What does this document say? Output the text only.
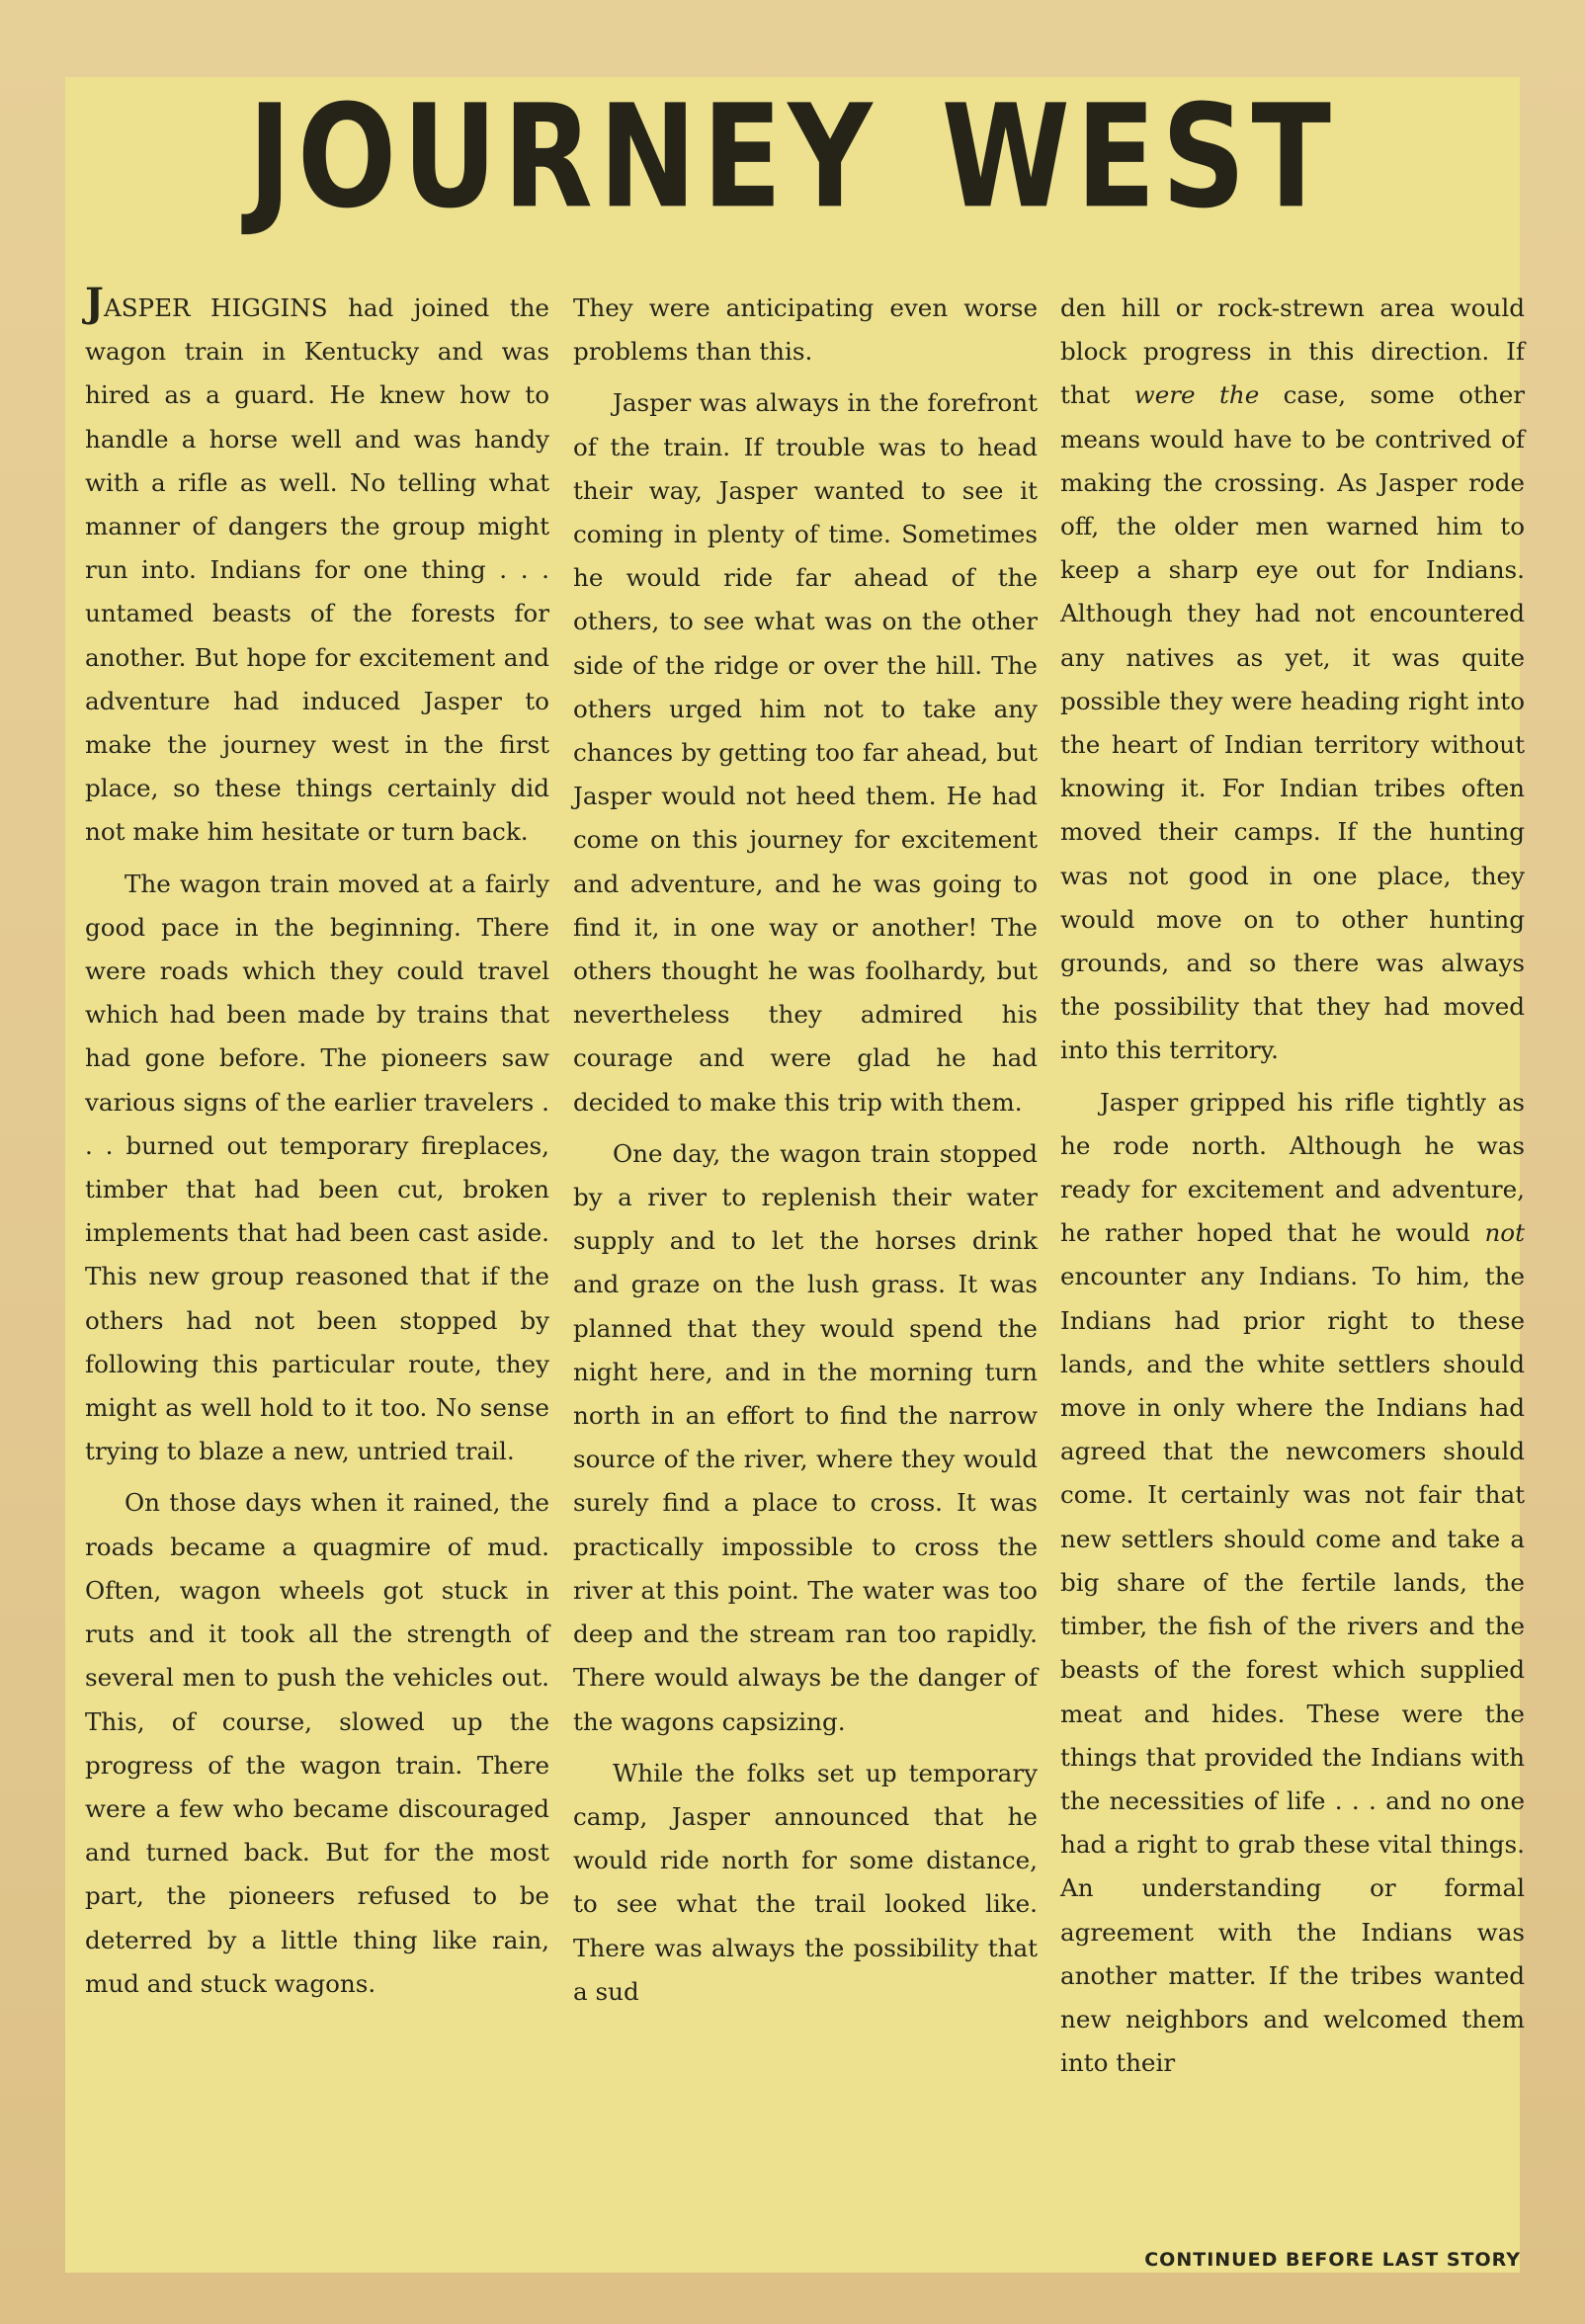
JOURNEY WEST

JASPER HIGGINS had joined the wagon train in Kentucky and was hired as a guard. He knew how to handle a horse well and was handy with a rifle as well. No telling what manner of dangers the group might run into. Indians for one thing . . . untamed beasts of the forests for another. But hope for excitement and adventure had induced Jasper to make the journey west in the first place, so these things certainly did not make him hesitate or turn back.

The wagon train moved at a fairly good pace in the beginning. There were roads which they could travel which had been made by trains that had gone before. The pioneers saw various signs of the earlier travelers . . . burned out temporary fireplaces, timber that had been cut, broken implements that had been cast aside. This new group reasoned that if the others had not been stopped by following this particular route, they might as well hold to it too. No sense trying to blaze a new, untried trail.

On those days when it rained, the roads became a quagmire of mud. Often, wagon wheels got stuck in ruts and it took all the strength of several men to push the vehicles out. This, of course, slowed up the progress of the wagon train. There were a few who became discouraged and turned back. But for the most part, the pioneers refused to be deterred by a little thing like rain, mud and stuck wagons.

They were anticipating even worse problems than this.

Jasper was always in the forefront of the train. If trouble was to head their way, Jasper wanted to see it coming in plenty of time. Sometimes he would ride far ahead of the others, to see what was on the other side of the ridge or over the hill. The others urged him not to take any chances by getting too far ahead, but Jasper would not heed them. He had come on this journey for excitement and adventure, and he was going to find it, in one way or another! The others thought he was foolhardy, but nevertheless they admired his courage and were glad he had decided to make this trip with them.

One day, the wagon train stopped by a river to replenish their water supply and to let the horses drink and graze on the lush grass. It was planned that they would spend the night here, and in the morning turn north in an effort to find the narrow source of the river, where they would surely find a place to cross. It was practically impossible to cross the river at this point. The water was too deep and the stream ran too rapidly. There would always be the danger of the wagons capsizing.

While the folks set up temporary camp, Jasper announced that he would ride north for some distance, to see what the trail looked like. There was always the possibility that a sud

den hill or rock-strewn area would block progress in this direction. If that were the case, some other means would have to be contrived of making the crossing. As Jasper rode off, the older men warned him to keep a sharp eye out for Indians. Although they had not encountered any natives as yet, it was quite possible they were heading right into the heart of Indian territory without knowing it. For Indian tribes often moved their camps. If the hunting was not good in one place, they would move on to other hunting grounds, and so there was always the possibility that they had moved into this territory.

Jasper gripped his rifle tightly as he rode north. Although he was ready for excitement and adventure, he rather hoped that he would not encounter any Indians. To him, the Indians had prior right to these lands, and the white settlers should move in only where the Indians had agreed that the newcomers should come. It certainly was not fair that new settlers should come and take a big share of the fertile lands, the timber, the fish of the rivers and the beasts of the forest which supplied meat and hides. These were the things that provided the Indians with the necessities of life . . . and no one had a right to grab these vital things. An understanding or formal agreement with the Indians was another matter. If the tribes wanted new neighbors and welcomed them into their

CONTINUED BEFORE LAST STORY
